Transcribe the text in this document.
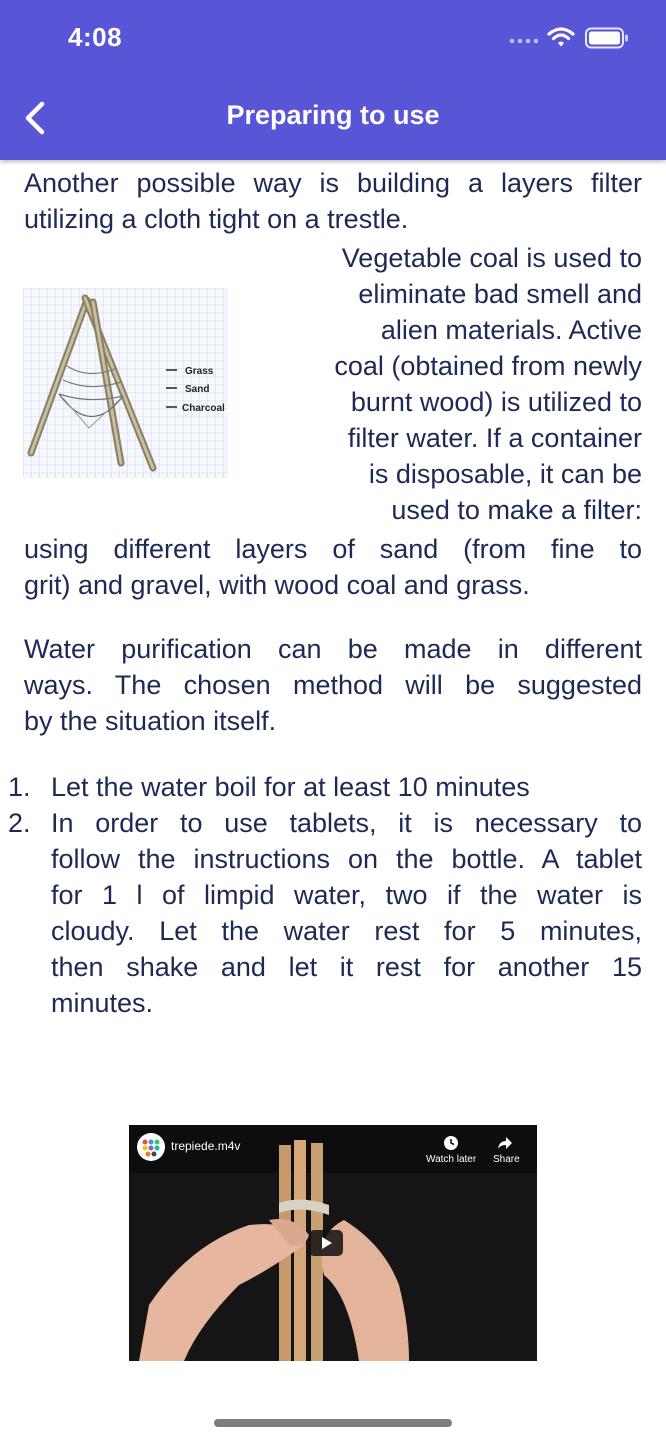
4:08
Preparing to use

Another possible way is building a layers filter

utilizing a cloth tight on a trestle.

Grass
Sand
Charcoal

Vegetable coal is used to

eliminate bad smell and

alien materials. Active

coal (obtained from newly

burnt wood) is utilized to

filter water. If a container

is disposable, it can be

used to make a filter:

using different layers of sand (from fine to

grit) and gravel, with wood coal and grass.

Water purification can be made in different

ways. The chosen method will be suggested

by the situation itself.

1. Let the water boil for at least 10 minutes
2. In order to use tablets, it is necessary to
follow the instructions on the bottle. A tablet
for 1 l of limpid water, two if the water is
cloudy. Let the water rest for 5 minutes,
then shake and let it rest for another 15
minutes.
trepiede.m4v
Watch later Share
